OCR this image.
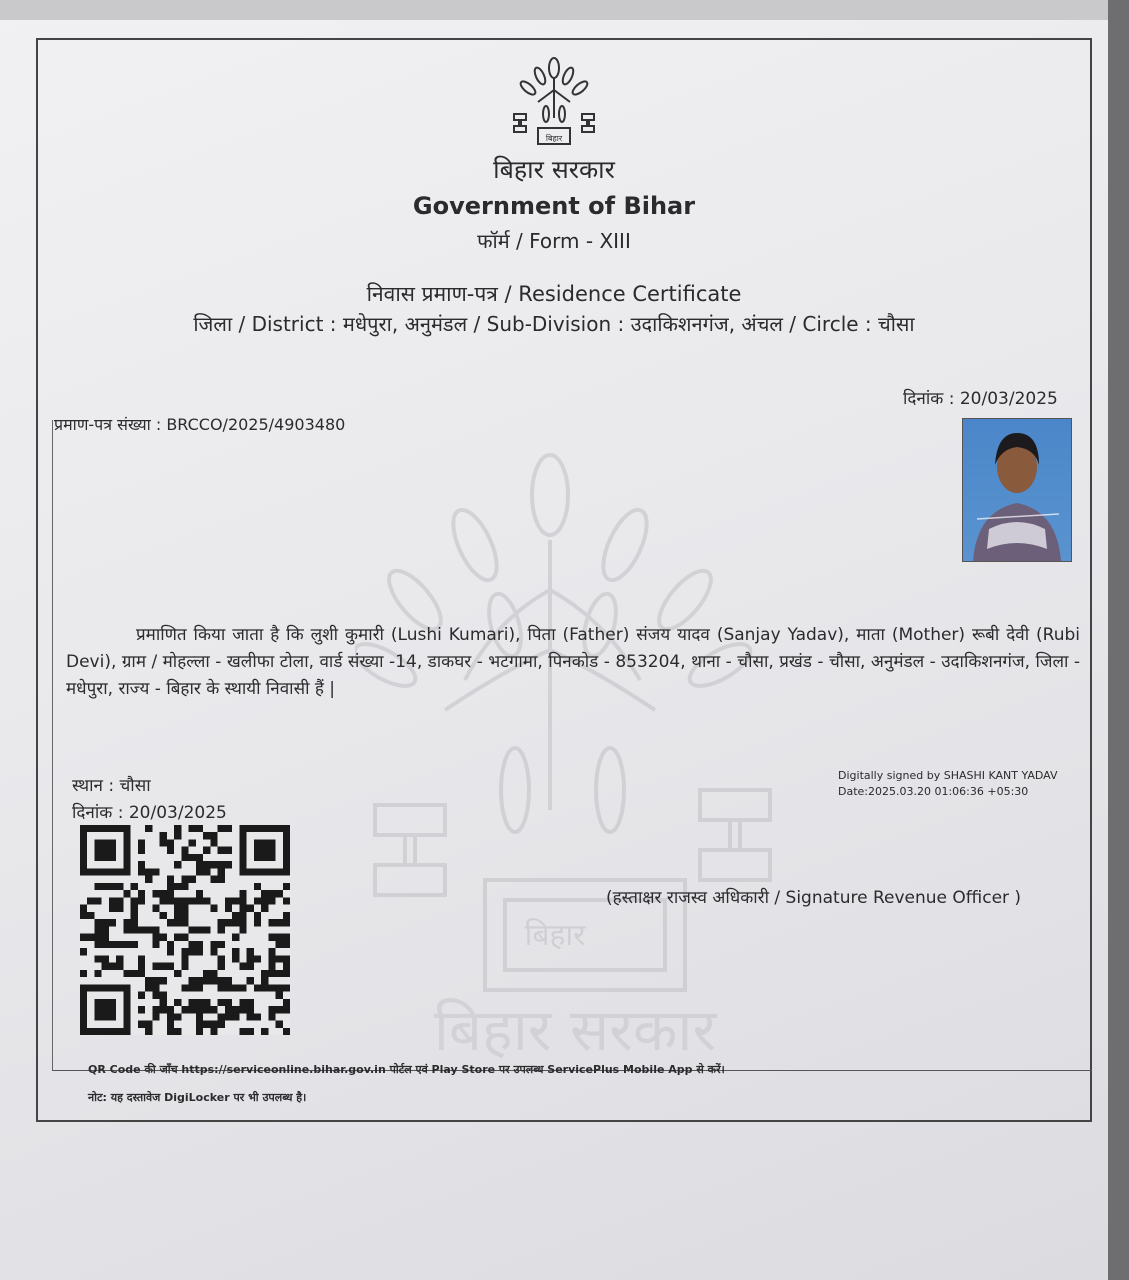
बिहार
बिहार सरकार
बिहार
बिहार सरकार
Government of Bihar
फॉर्म / Form - XIII
निवास प्रमाण-पत्र / Residence Certificate
जिला / District : मधेपुरा, अनुमंडल / Sub-Division : उदाकिशनगंज, अंचल / Circle : चौसा
दिनांक : 20/03/2025
प्रमाण-पत्र संख्या : BRCCO/2025/4903480
प्रमाणित किया जाता है कि लुशी कुमारी (Lushi Kumari), पिता (Father) संजय यादव (Sanjay Yadav), माता (Mother) रूबी देवी (Rubi Devi), ग्राम / मोहल्ला - खलीफा टोला, वार्ड संख्या -14, डाकघर - भटगामा, पिनकोड - 853204, थाना - चौसा, प्रखंड - चौसा, अनुमंडल - उदाकिशनगंज, जिला - मधेपुरा, राज्य - बिहार के स्थायी निवासी हैं |
स्थान : चौसा
दिनांक : 20/03/2025
Digitally signed by SHASHI KANT YADAV
Date:2025.03.20 01:06:36 +05:30
(हस्ताक्षर राजस्व अधिकारी / Signature Revenue Officer )
QR Code की जाँच https://serviceonline.bihar.gov.in पोर्टल एवं Play Store पर उपलब्ध ServicePlus Mobile App से करें।
नोट: यह दस्तावेज DigiLocker पर भी उपलब्ध है।
